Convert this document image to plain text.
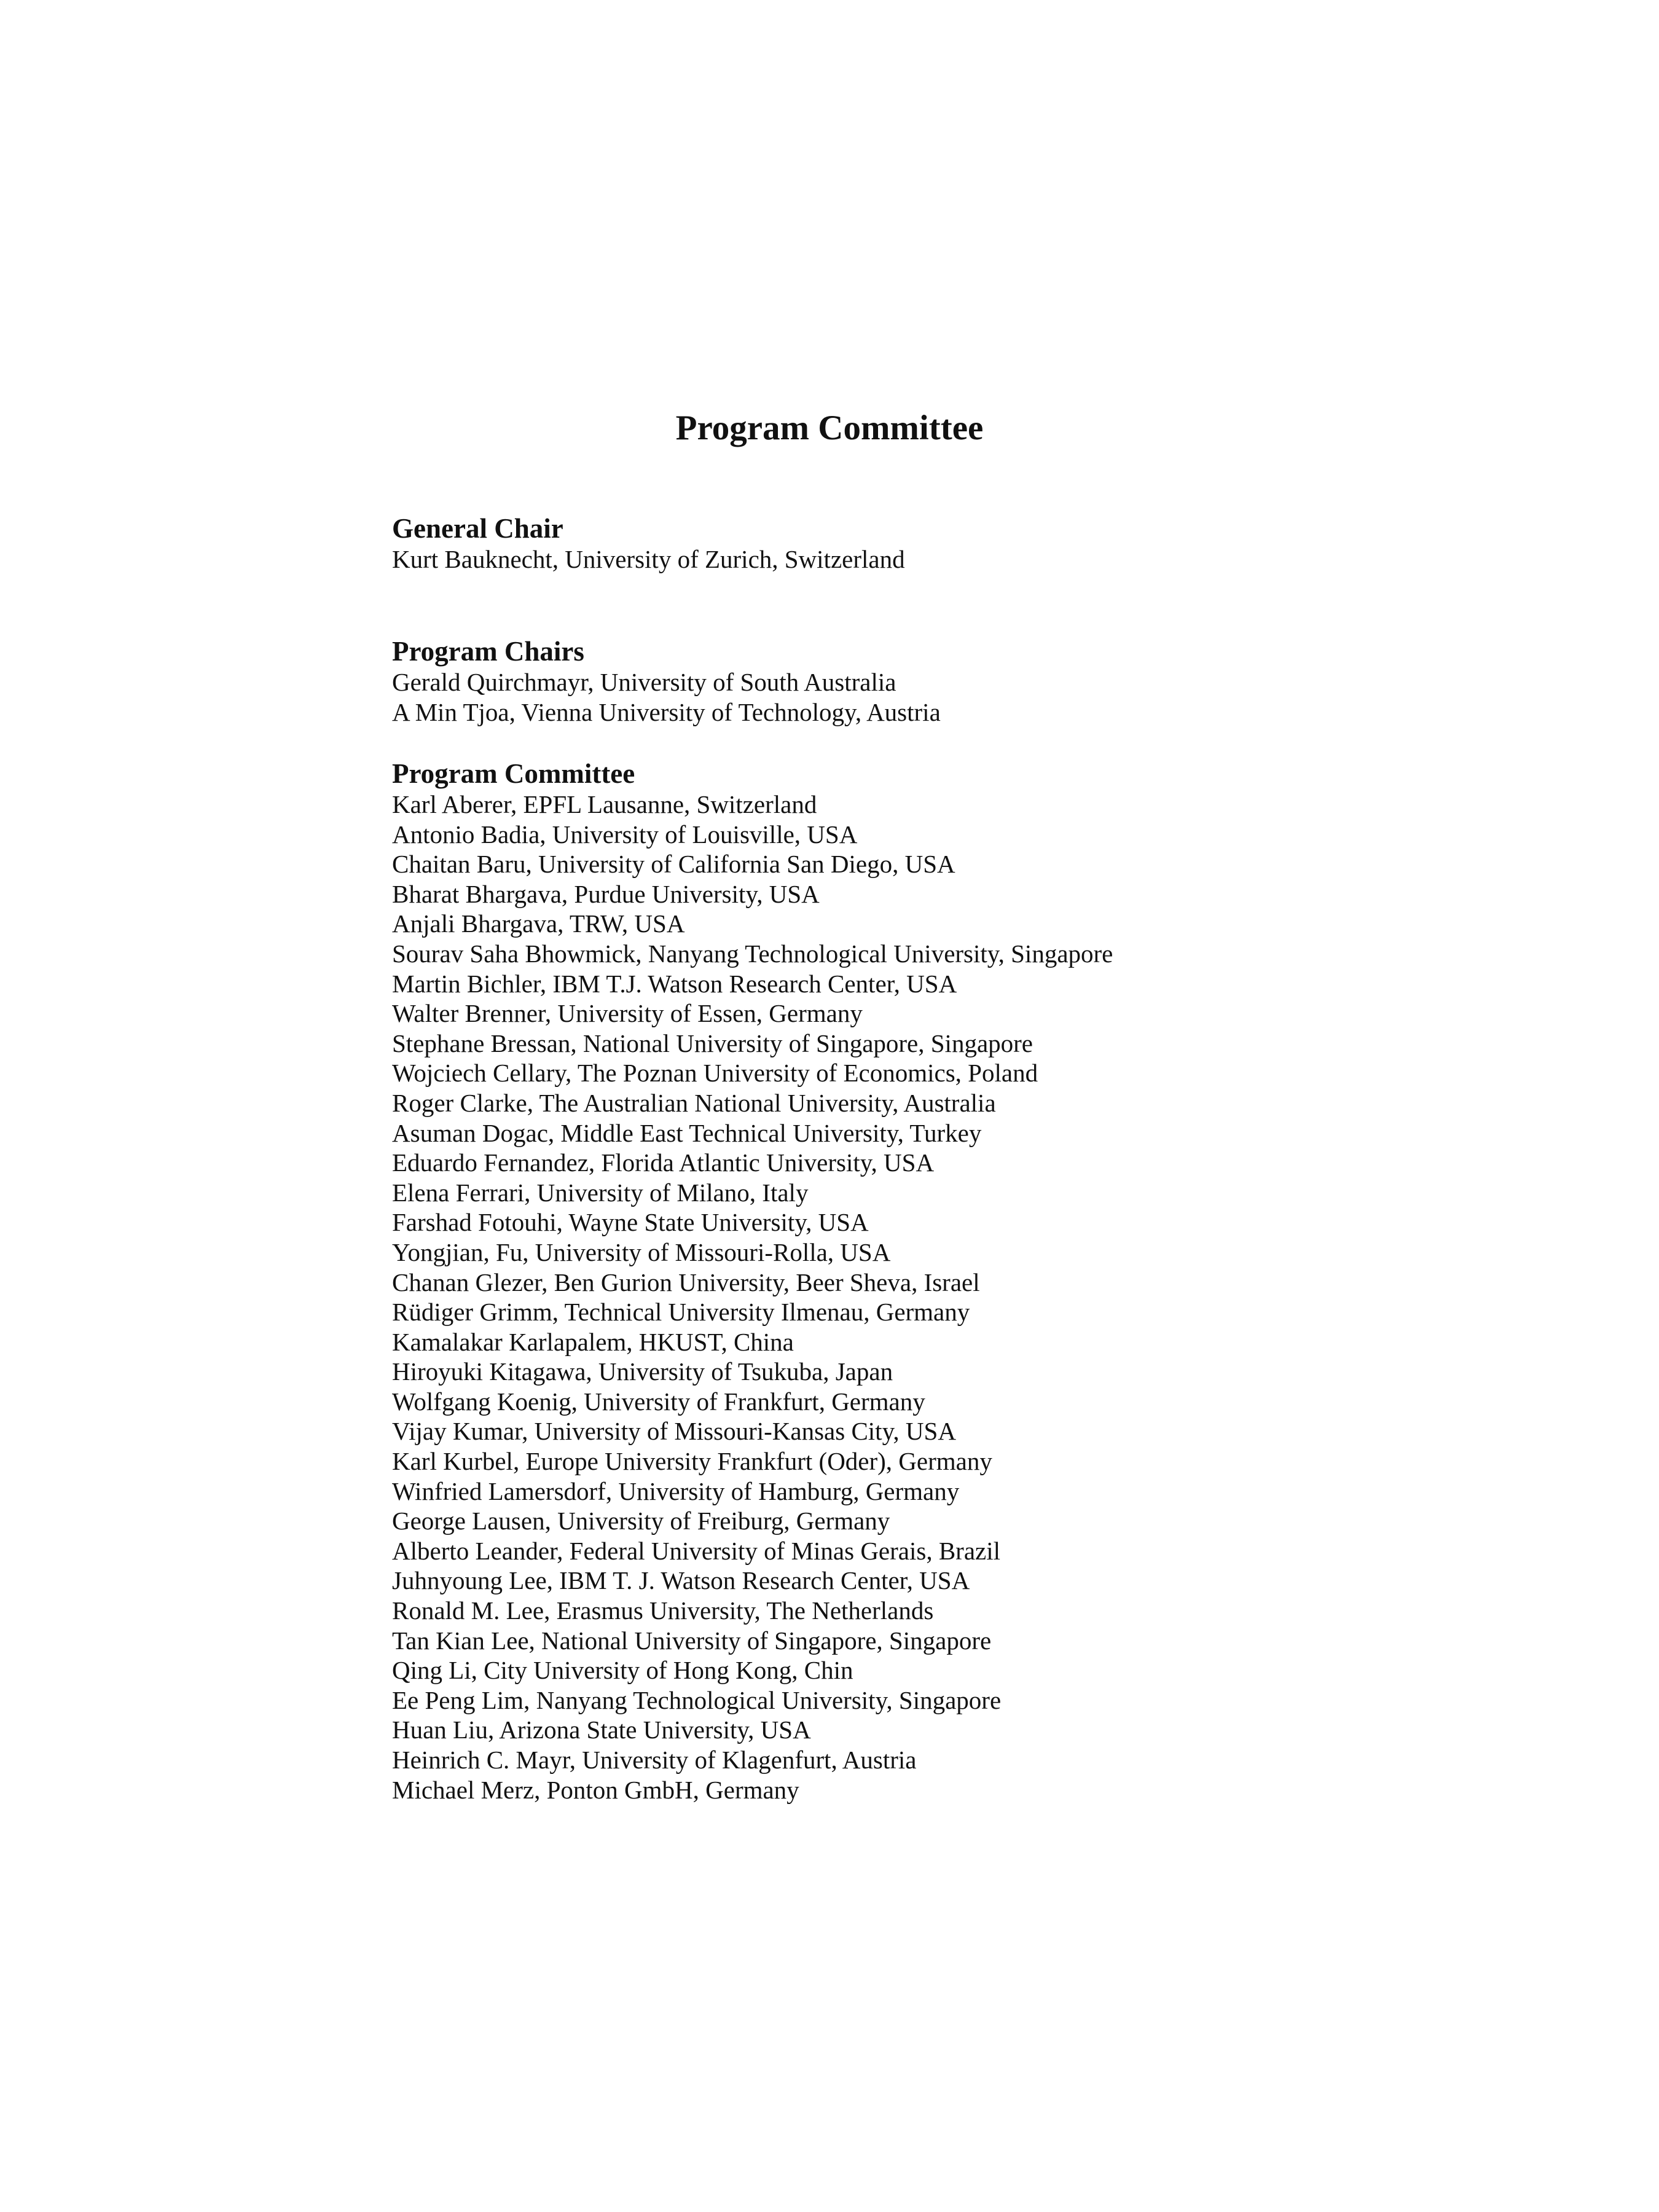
Program Committee

General Chair

Kurt Bauknecht, University of Zurich, Switzerland

Program Chairs

Gerald Quirchmayr, University of South Australia

A Min Tjoa, Vienna University of Technology, Austria

Program Committee

Karl Aberer, EPFL Lausanne, Switzerland

Antonio Badia, University of Louisville, USA

Chaitan Baru, University of California San Diego, USA

Bharat Bhargava, Purdue University, USA

Anjali Bhargava, TRW, USA

Sourav Saha Bhowmick, Nanyang Technological University, Singapore

Martin Bichler, IBM T.J. Watson Research Center, USA

Walter Brenner, University of Essen, Germany

Stephane Bressan, National University of Singapore, Singapore

Wojciech Cellary, The Poznan University of Economics, Poland

Roger Clarke, The Australian National University, Australia

Asuman Dogac, Middle East Technical University, Turkey

Eduardo Fernandez, Florida Atlantic University, USA

Elena Ferrari, University of Milano, Italy

Farshad Fotouhi, Wayne State University, USA

Yongjian, Fu, University of Missouri-Rolla, USA

Chanan Glezer, Ben Gurion University, Beer Sheva, Israel

Rüdiger Grimm, Technical University Ilmenau, Germany

Kamalakar Karlapalem, HKUST, China

Hiroyuki Kitagawa, University of Tsukuba, Japan

Wolfgang Koenig, University of Frankfurt, Germany

Vijay Kumar, University of Missouri-Kansas City, USA

Karl Kurbel, Europe University Frankfurt (Oder), Germany

Winfried Lamersdorf, University of Hamburg, Germany

George Lausen, University of Freiburg, Germany

Alberto Leander, Federal University of Minas Gerais, Brazil

Juhnyoung Lee, IBM T. J. Watson Research Center, USA

Ronald M. Lee, Erasmus University, The Netherlands

Tan Kian Lee, National University of Singapore, Singapore

Qing Li, City University of Hong Kong, Chin

Ee Peng Lim, Nanyang Technological University, Singapore

Huan Liu, Arizona State University, USA

Heinrich C. Mayr, University of Klagenfurt, Austria

Michael Merz, Ponton GmbH, Germany
